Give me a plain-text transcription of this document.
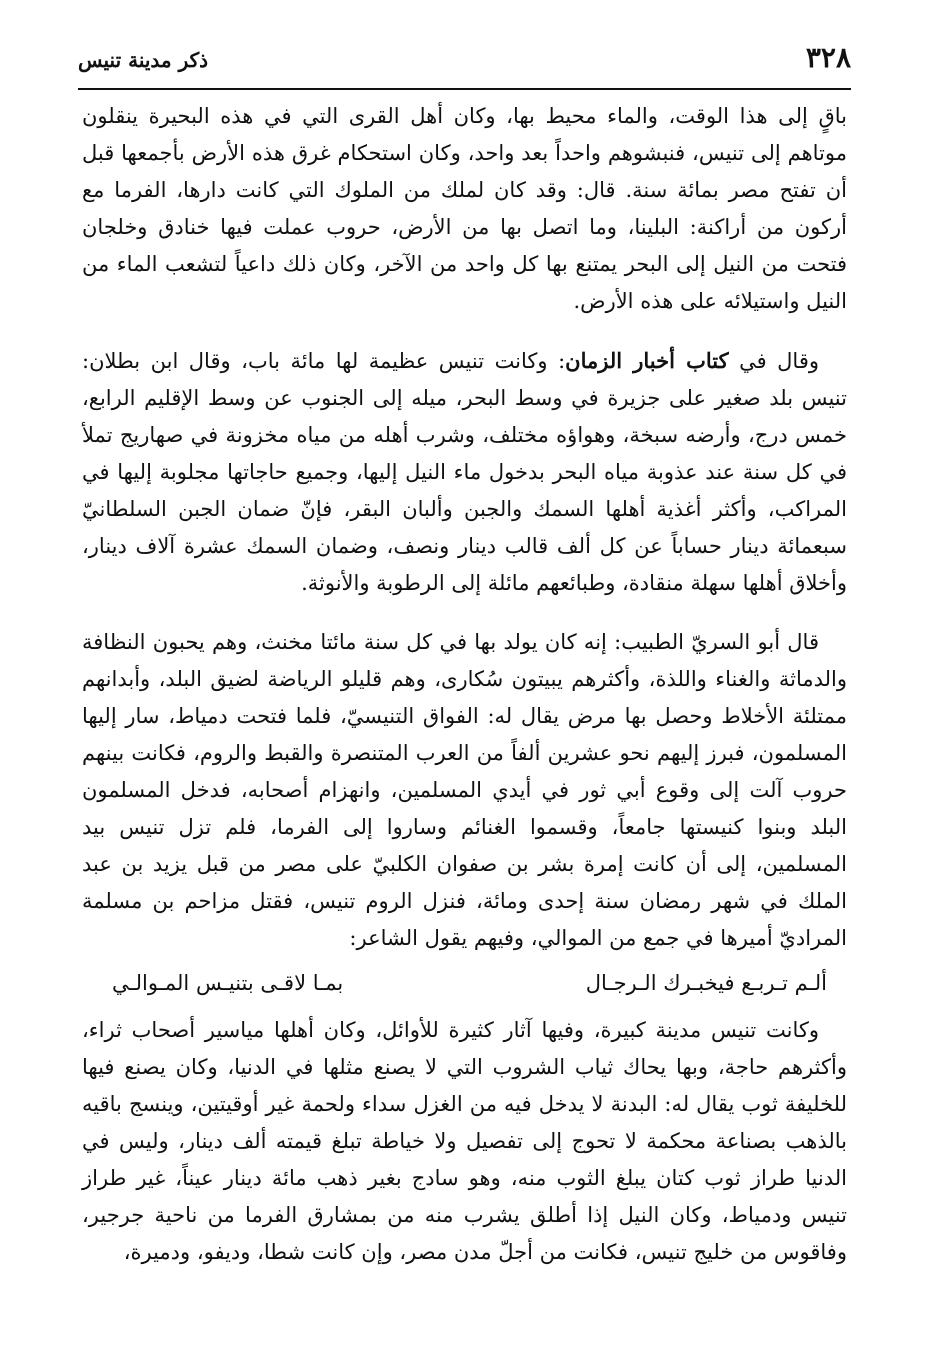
٣٢٨
ذكر مدينة تنيس

باقٍ إلى هذا الوقت، والماء محيط بها، وكان أهل القرى التي في هذه البحيرة ينقلون موتاهم إلى تنيس، فنبشوهم واحداً بعد واحد، وكان استحكام غرق هذه الأرض بأجمعها قبل أن تفتح مصر بمائة سنة. قال: وقد كان لملك من الملوك التي كانت دارها، الفرما مع أركون من أراكنة: البلينا، وما اتصل بها من الأرض، حروب عملت فيها خنادق وخلجان فتحت من النيل إلى البحر يمتنع بها كل واحد من الآخر، وكان ذلك داعياً لتشعب الماء من النيل واستيلائه على هذه الأرض.

وقال في كتاب أخبار الزمان: وكانت تنيس عظيمة لها مائة باب، وقال ابن بطلان: تنيس بلد صغير على جزيرة في وسط البحر، ميله إلى الجنوب عن وسط الإقليم الرابع، خمس درج، وأرضه سبخة، وهواؤه مختلف، وشرب أهله من مياه مخزونة في صهاريج تملأ في كل سنة عند عذوبة مياه البحر بدخول ماء النيل إليها، وجميع حاجاتها مجلوبة إليها في المراكب، وأكثر أغذية أهلها السمك والجبن وألبان البقر، فإنّ ضمان الجبن السلطانيّ سبعمائة دينار حساباً عن كل ألف قالب دينار ونصف، وضمان السمك عشرة آلاف دينار، وأخلاق أهلها سهلة منقادة، وطبائعهم مائلة إلى الرطوبة والأنوثة.

قال أبو السريّ الطبيب: إنه كان يولد بها في كل سنة مائتا مخنث، وهم يحبون النظافة والدماثة والغناء واللذة، وأكثرهم يبيتون سُكارى، وهم قليلو الرياضة لضيق البلد، وأبدانهم ممتلئة الأخلاط وحصل بها مرض يقال له: الفواق التنيسيّ، فلما فتحت دمياط، سار إليها المسلمون، فبرز إليهم نحو عشرين ألفاً من العرب المتنصرة والقبط والروم، فكانت بينهم حروب آلت إلى وقوع أبي ثور في أيدي المسلمين، وانهزام أصحابه، فدخل المسلمون البلد وبنوا كنيستها جامعاً، وقسموا الغنائم وساروا إلى الفرما، فلم تزل تنيس بيد المسلمين، إلى أن كانت إمرة بشر بن صفوان الكلبيّ على مصر من قبل يزيد بن عبد الملك في شهر رمضان سنة إحدى ومائة، فنزل الروم تنيس، فقتل مزاحم بن مسلمة المراديّ أميرها في جمع من الموالي، وفيهم يقول الشاعر:

ألـم تـربـع فيخبـرك الـرجـال
بمـا لاقـى بتنيـس المـوالـي

وكانت تنيس مدينة كبيرة، وفيها آثار كثيرة للأوائل، وكان أهلها مياسير أصحاب ثراء، وأكثرهم حاجة، وبها يحاك ثياب الشروب التي لا يصنع مثلها في الدنيا، وكان يصنع فيها للخليفة ثوب يقال له: البدنة لا يدخل فيه من الغزل سداء ولحمة غير أوقيتين، وينسج باقيه بالذهب بصناعة محكمة لا تحوج إلى تفصيل ولا خياطة تبلغ قيمته ألف دينار، وليس في الدنيا طراز ثوب كتان يبلغ الثوب منه، وهو سادج بغير ذهب مائة دينار عيناً، غير طراز تنيس ودمياط، وكان النيل إذا أطلق يشرب منه من بمشارق الفرما من ناحية جرجير، وفاقوس من خليج تنيس، فكانت من أجلّ مدن مصر، وإن كانت شطا، وديفو، ودميرة،
